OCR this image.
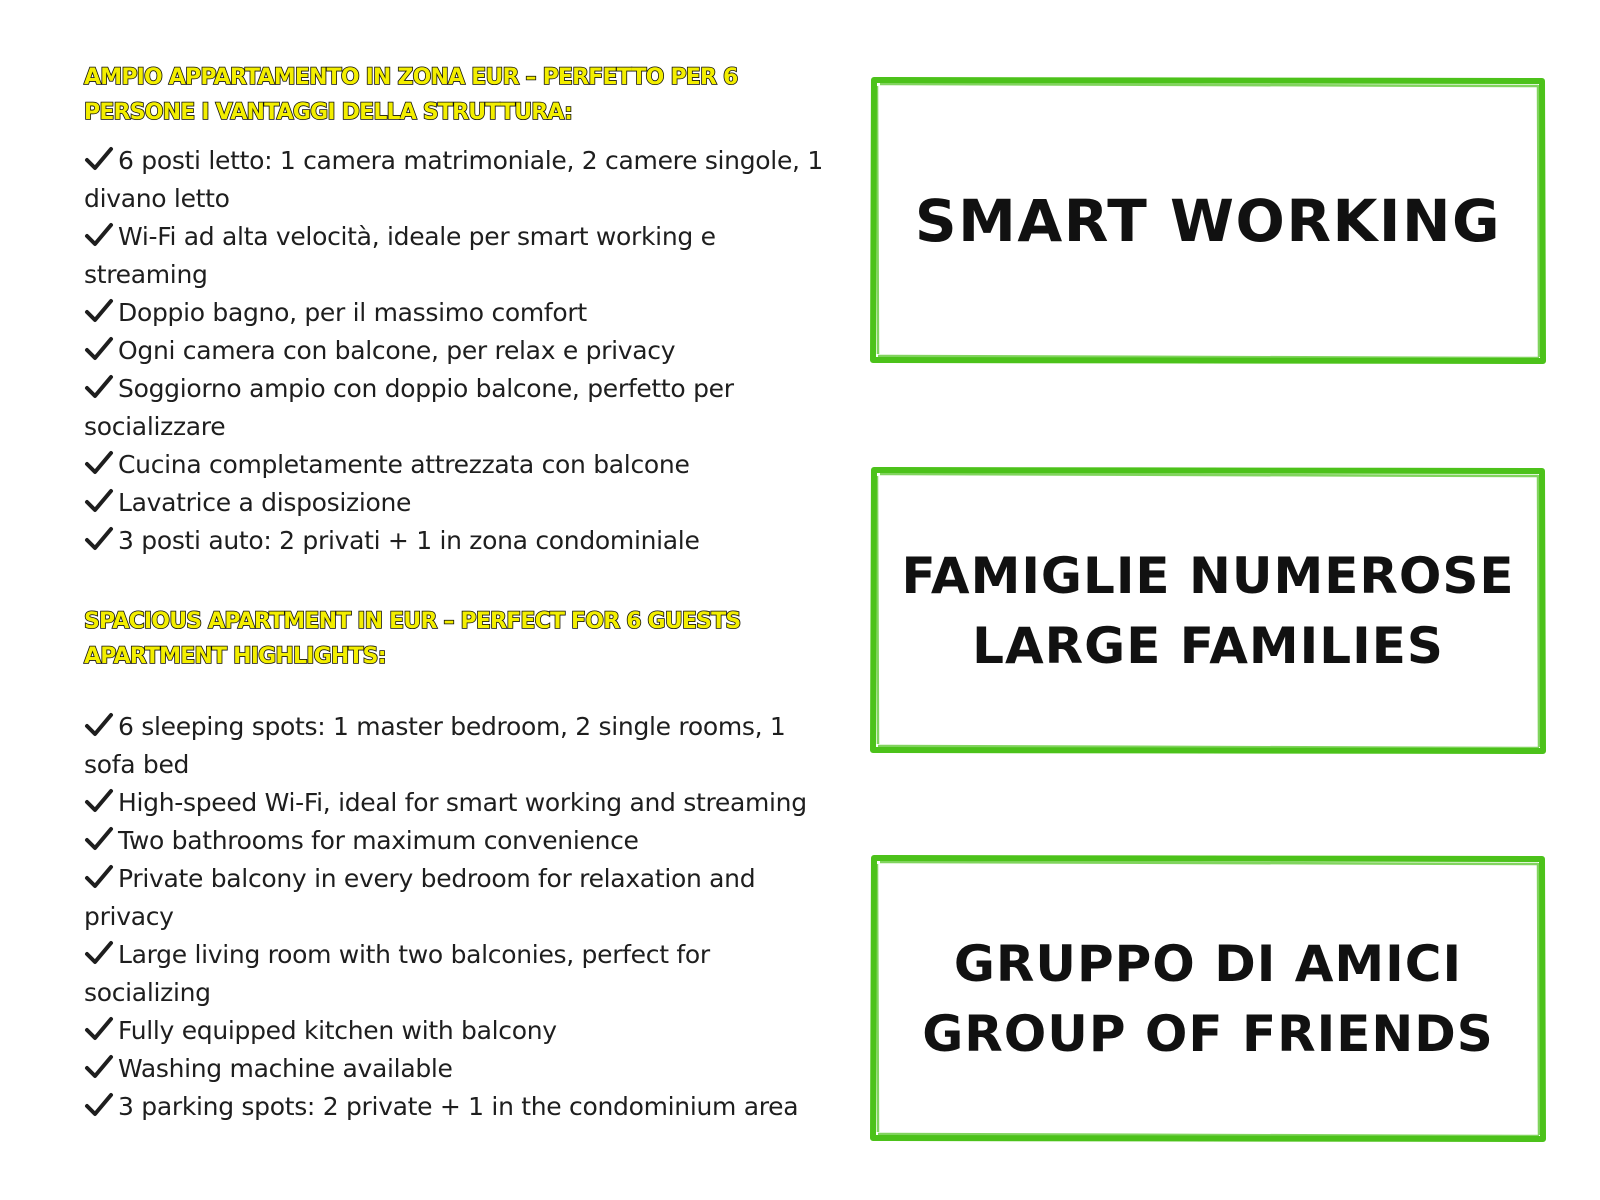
AMPIO APPARTAMENTO IN ZONA EUR – PERFETTO PER 6
PERSONE I VANTAGGI DELLA STRUTTURA:
6 posti letto: 1 camera matrimoniale, 2 camere singole, 1 divano letto
Wi-Fi ad alta velocità, ideale per smart working e streaming
Doppio bagno, per il massimo comfort
Ogni camera con balcone, per relax e privacy
Soggiorno ampio con doppio balcone, perfetto per socializzare
Cucina completamente attrezzata con balcone
Lavatrice a disposizione
3 posti auto: 2 privati + 1 in zona condominiale
SPACIOUS APARTMENT IN EUR – PERFECT FOR 6 GUESTS
APARTMENT HIGHLIGHTS:
6 sleeping spots: 1 master bedroom, 2 single rooms, 1 sofa bed
High-speed Wi-Fi, ideal for smart working and streaming
Two bathrooms for maximum convenience
Private balcony in every bedroom for relaxation and privacy
Large living room with two balconies, perfect for socializing
Fully equipped kitchen with balcony
Washing machine available
3 parking spots: 2 private + 1 in the condominium area
SMART WORKING
FAMIGLIE NUMEROSE
LARGE FAMILIES
GRUPPO DI AMICI
GROUP OF FRIENDS
